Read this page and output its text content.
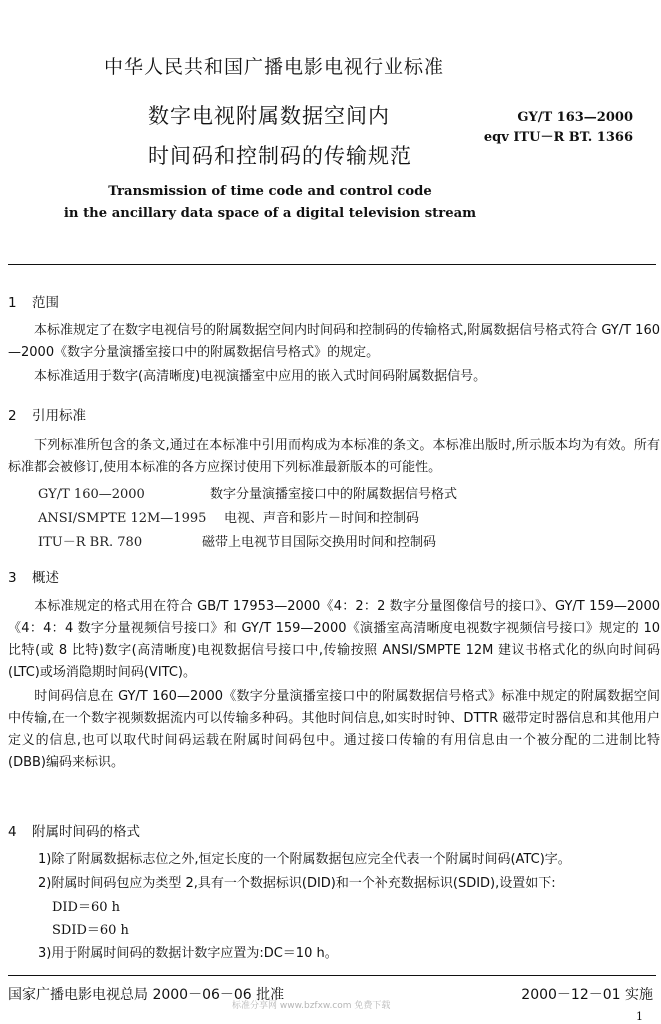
中华人民共和国广播电影电视行业标准
数字电视附属数据空间内
时间码和控制码的传输规范
GY/T 163—2000
eqv ITU－R BT. 1366
Transmission of time code and control code
in the ancillary data space of a digital television stream
1 范围
本标准规定了在数字电视信号的附属数据空间内时间码和控制码的传输格式,附属数据信号格式符合 GY/T 160—2000《数字分量演播室接口中的附属数据信号格式》的规定。
本标准适用于数字(高清晰度)电视演播室中应用的嵌入式时间码附属数据信号。
2 引用标准
下列标准所包含的条文,通过在本标准中引用而构成为本标准的条文。本标准出版时,所示版本均为有效。所有标准都会被修订,使用本标准的各方应探讨使用下列标准最新版本的可能性。
GY/T 160—2000	数字分量演播室接口中的附属数据信号格式
ANSI/SMPTE 12M—1995 电视、声音和影片－时间和控制码
ITU－R BR. 780	磁带上电视节目国际交换用时间和控制码
3 概述
本标准规定的格式用在符合 GB/T 17953—2000《4：2：2 数字分量图像信号的接口》、GY/T 159—2000《4：4：4 数字分量视频信号接口》和 GY/T 159—2000《演播室高清晰度电视数字视频信号接口》规定的 10 比特(或 8 比特)数字(高清晰度)电视数据信号接口中,传输按照 ANSI/SMPTE 12M 建议书格式化的纵向时间码(LTC)或场消隐期时间码(VITC)。
时间码信息在 GY/T 160—2000《数字分量演播室接口中的附属数据信号格式》标准中规定的附属数据空间中传输,在一个数字视频数据流内可以传输多种码。其他时间信息,如实时时钟、DTTR 磁带定时器信息和其他用户定义的信息,也可以取代时间码运载在附属时间码包中。通过接口传输的有用信息由一个被分配的二进制比特(DBB)编码来标识。
4 附属时间码的格式
1)除了附属数据标志位之外,恒定长度的一个附属数据包应完全代表一个附属时间码(ATC)字。
2)附属时间码包应为类型 2,具有一个数据标识(DID)和一个补充数据标识(SDID),设置如下:
DID＝60 h
SDID＝60 h
3)用于附属时间码的数据计数字应置为:DC＝10 h。
国家广播电影电视总局 2000－06－06 批准	2000－12－01 实施
标准分享网 www.bzfxw.com 免费下载
1
